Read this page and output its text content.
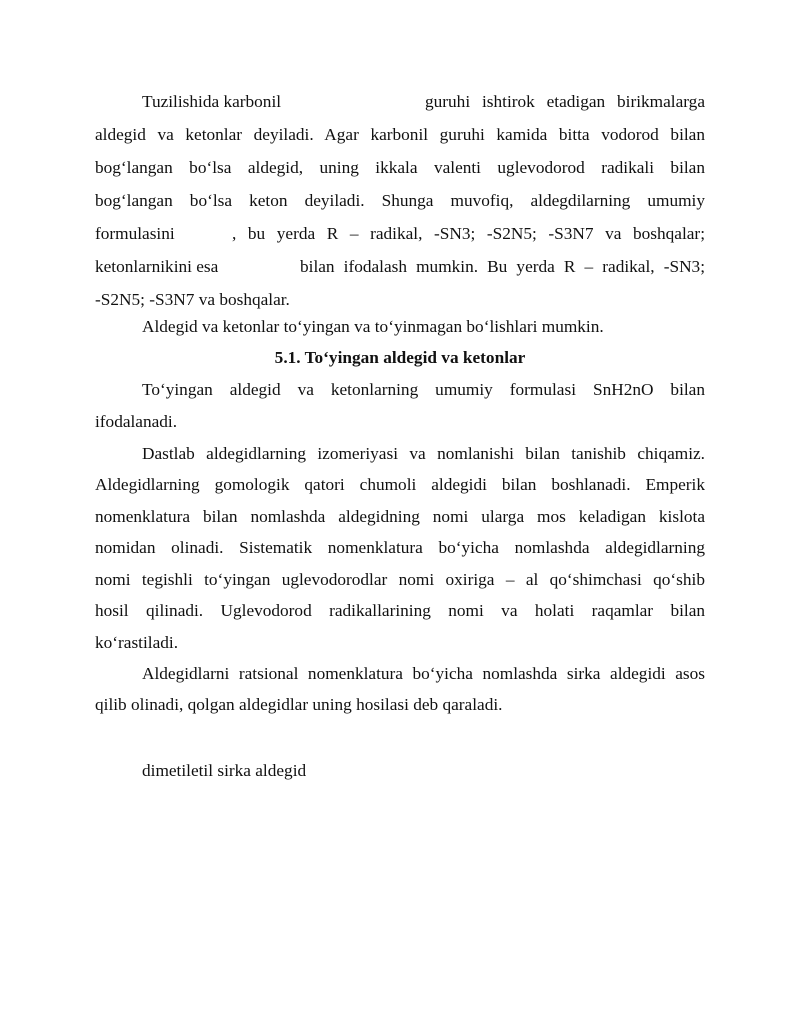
Tuzilishida karbonil	guruhi ishtirok etadigan birikmalarga
aldegid va ketonlar deyiladi. Agar karbonil guruhi kamida bitta vodorod bilan
bog‘langan bo‘lsa aldegid, uning ikkala valenti uglevodorod radikali bilan
bog‘langan bo‘lsa keton deyiladi. Shunga muvofiq, aldegdilarning umumiy
formulasini	, bu yerda R – radikal, -SN3; -S2N5; -S3N7 va boshqalar;
ketonlarnikini esa	bilan ifodalash mumkin. Bu yerda R – radikal, -SN3;
-S2N5; -S3N7 va boshqalar.
Aldegid va ketonlar to‘yingan va to‘yinmagan bo‘lishlari mumkin.
5.1. To‘yingan aldegid va ketonlar
To‘yingan aldegid va ketonlarning umumiy formulasi SnH2nO bilan
ifodalanadi.
Dastlab aldegidlarning izomeriyasi va nomlanishi bilan tanishib chiqamiz.
Aldegidlarning gomologik qatori chumoli aldegidi bilan boshlanadi. Emperik
nomenklatura bilan nomlashda aldegidning nomi ularga mos keladigan kislota
nomidan olinadi. Sistematik nomenklatura bo‘yicha nomlashda aldegidlarning
nomi tegishli to‘yingan uglevodorodlar nomi oxiriga – al qo‘shimchasi qo‘shib
hosil qilinadi. Uglevodorod radikallarining nomi va holati raqamlar bilan
ko‘rastiladi.
Aldegidlarni ratsional nomenklatura bo‘yicha nomlashda sirka aldegidi asos
qilib olinadi, qolgan aldegidlar uning hosilasi deb qaraladi.
dimetiletil sirka aldegid
